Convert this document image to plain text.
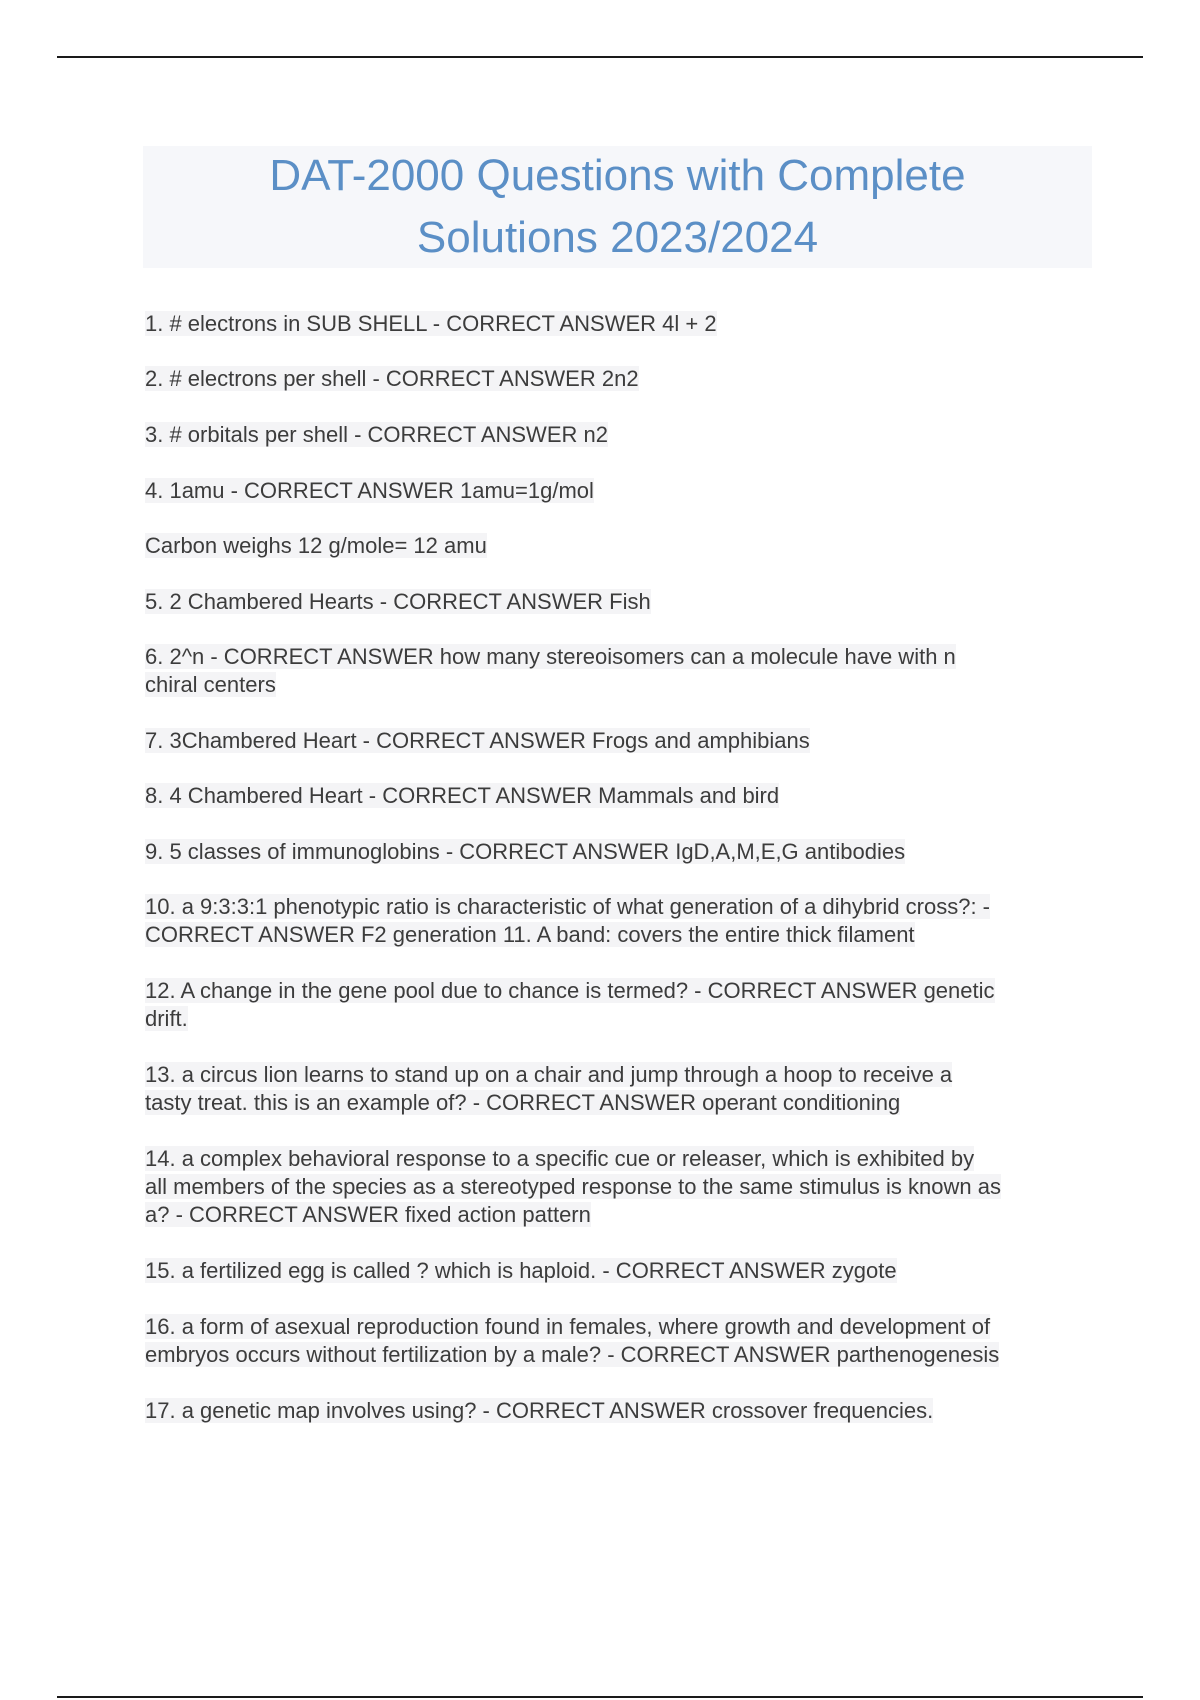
DAT-2000 Questions with Complete
Solutions 2023/2024

1. # electrons in SUB SHELL - CORRECT ANSWER 4l + 2

2. # electrons per shell - CORRECT ANSWER 2n2

3. # orbitals per shell - CORRECT ANSWER n2

4. 1amu - CORRECT ANSWER 1amu=1g/mol

Carbon weighs 12 g/mole= 12 amu

5. 2 Chambered Hearts - CORRECT ANSWER Fish

6. 2^n - CORRECT ANSWER how many stereoisomers can a molecule have with n

chiral centers

7. 3Chambered Heart - CORRECT ANSWER Frogs and amphibians

8. 4 Chambered Heart - CORRECT ANSWER Mammals and bird

9. 5 classes of immunoglobins - CORRECT ANSWER IgD,A,M,E,G antibodies

10. a 9:3:3:1 phenotypic ratio is characteristic of what generation of a dihybrid cross?: -

CORRECT ANSWER F2 generation 11. A band: covers the entire thick filament

12. A change in the gene pool due to chance is termed? - CORRECT ANSWER genetic

drift.

13. a circus lion learns to stand up on a chair and jump through a hoop to receive a

tasty treat. this is an example of? - CORRECT ANSWER operant conditioning

14. a complex behavioral response to a specific cue or releaser, which is exhibited by

all members of the species as a stereotyped response to the same stimulus is known as

a? - CORRECT ANSWER fixed action pattern

15. a fertilized egg is called ? which is haploid. - CORRECT ANSWER zygote

16. a form of asexual reproduction found in females, where growth and development of

embryos occurs without fertilization by a male? - CORRECT ANSWER parthenogenesis

17. a genetic map involves using? - CORRECT ANSWER crossover frequencies.
